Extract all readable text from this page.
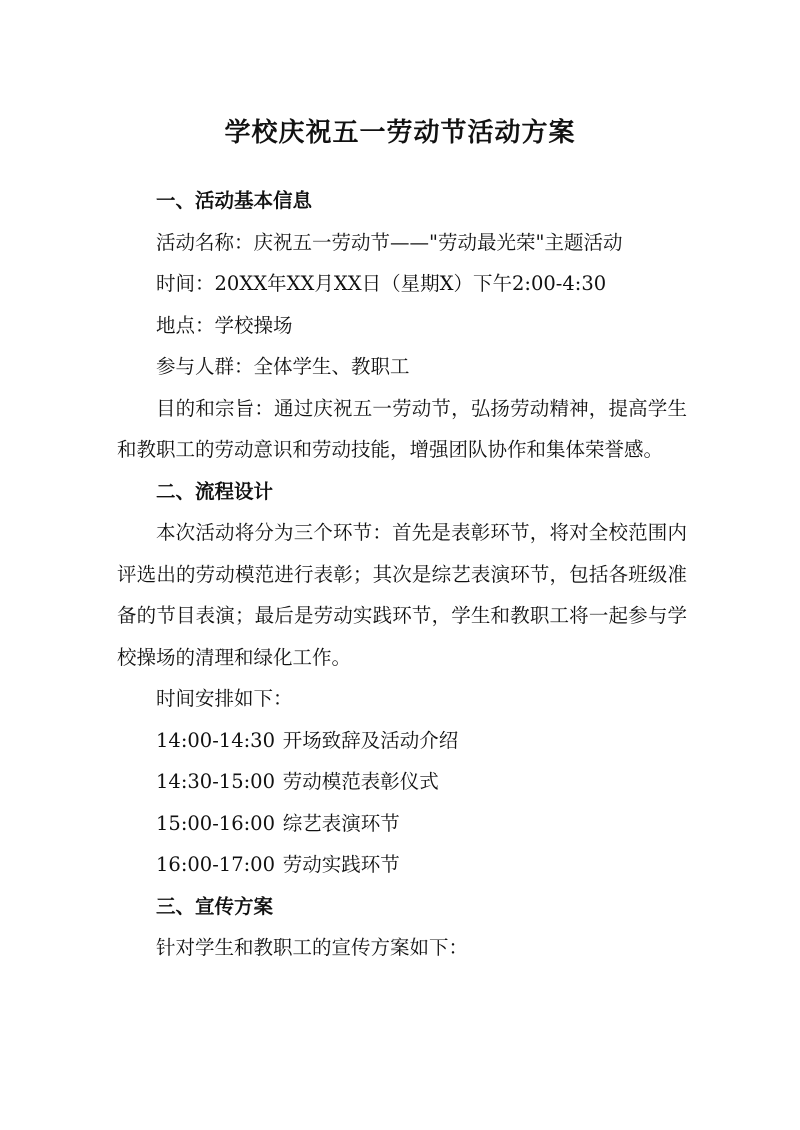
学校庆祝五一劳动节活动方案

一、活动基本信息

活动名称：庆祝五一劳动节——"劳动最光荣"主题活动

时间：20XX年XX月XX日（星期X）下午2:00-4:30

地点：学校操场

参与人群：全体学生、教职工

目的和宗旨：通过庆祝五一劳动节，弘扬劳动精神，提高学生和教职工的劳动意识和劳动技能，增强团队协作和集体荣誉感。

二、流程设计

本次活动将分为三个环节：首先是表彰环节，将对全校范围内评选出的劳动模范进行表彰；其次是综艺表演环节，包括各班级准备的节目表演；最后是劳动实践环节，学生和教职工将一起参与学校操场的清理和绿化工作。

时间安排如下：

14:00-14:30 开场致辞及活动介绍

14:30-15:00 劳动模范表彰仪式

15:00-16:00 综艺表演环节

16:00-17:00 劳动实践环节

三、宣传方案

针对学生和教职工的宣传方案如下：
